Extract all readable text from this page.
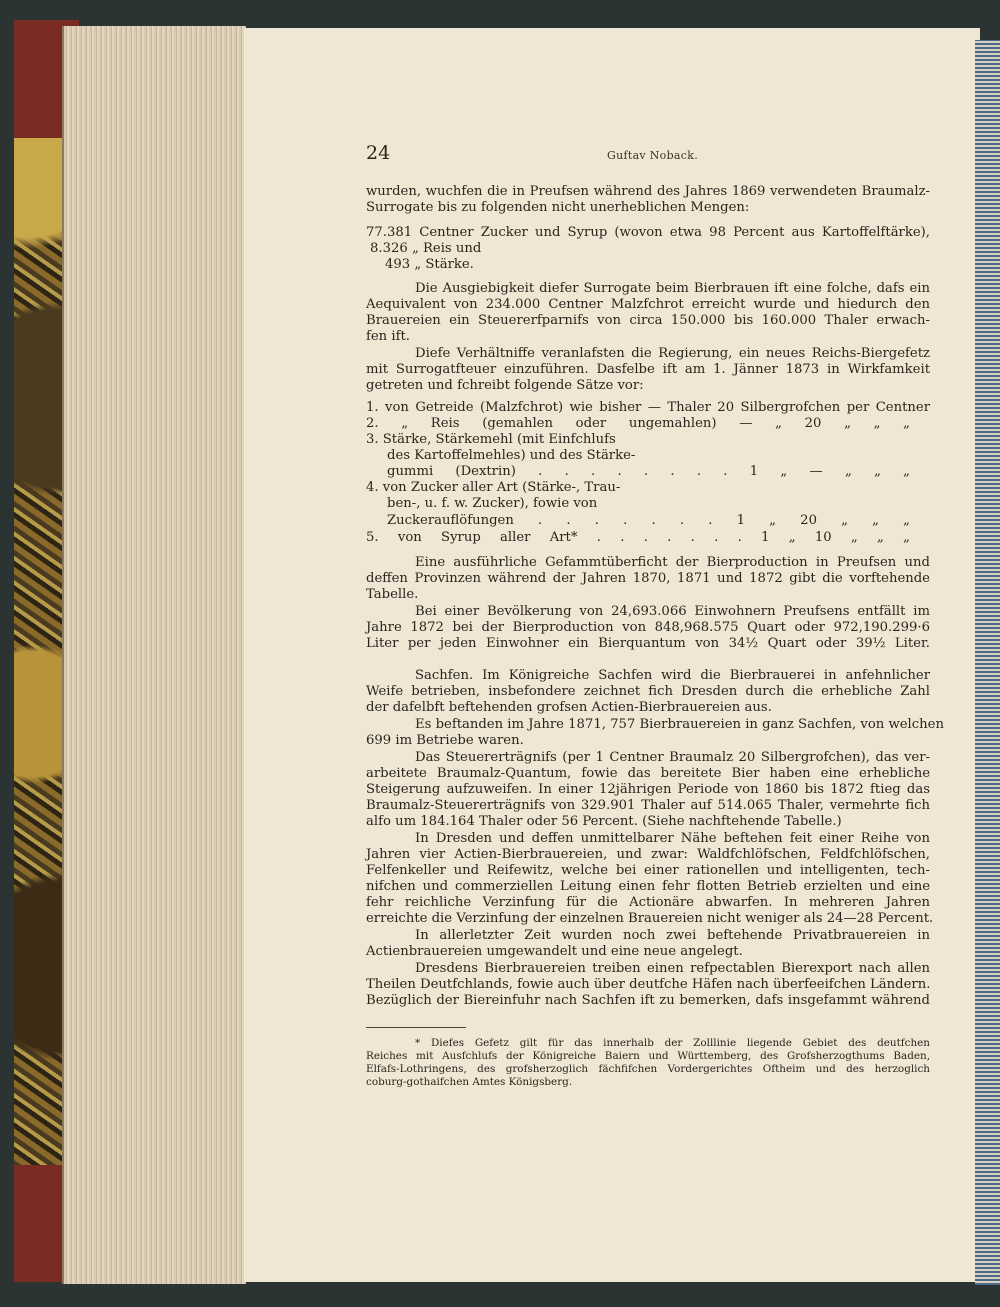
24	Guftav Noback.
wurden, wuchfen die in Preufsen während des Jahres 1869 verwendeten Braumalz-
Surrogate bis zu folgenden nicht unerheblichen Mengen:
77.381 Centner Zucker und Syrup (wovon etwa 98 Percent aus Kartoffelftärke),
8.326 „ Reis und
493 „ Stärke.
Die Ausgiebigkeit diefer Surrogate beim Bierbrauen ift eine folche, dafs ein
Aequivalent von 234.000 Centner Malzfchrot erreicht wurde und hiedurch den
Brauereien ein Steuererfparnifs von circa 150.000 bis 160.000 Thaler erwach-
fen ift.
Diefe Verhältniffe veranlafsten die Regierung, ein neues Reichs-Biergefetz
mit Surrogatfteuer einzuführen. Dasfelbe ift am 1. Jänner 1873 in Wirkfamkeit
getreten und fchreibt folgende Sätze vor:
1. von Getreide (Malzfchrot) wie bisher — Thaler 20 Silbergrofchen per Centner
2. „ Reis (gemahlen oder ungemahlen) — „ 20 „ „ „
3. Stärke, Stärkemehl (mit Einfchlufs
des Kartoffelmehles) und des Stärke-
gummi (Dextrin) . . . . . . . . 1 „ — „ „ „
4. von Zucker aller Art (Stärke-, Trau-
ben-, u. f. w. Zucker), fowie von
Zuckerauflöfungen . . . . . . . 1 „ 20 „ „ „
5. von Syrup aller Art* . . . . . . . 1 „ 10 „ „ „
Eine ausführliche Gefammtüberficht der Bierproduction in Preufsen und
deffen Provinzen während der Jahren 1870, 1871 und 1872 gibt die vorftehende
Tabelle.
Bei einer Bevölkerung von 24,693.066 Einwohnern Preufsens entfällt im
Jahre 1872 bei der Bierproduction von 848,968.575 Quart oder 972,190.299·6
Liter per jeden Einwohner ein Bierquantum von 34½ Quart oder 39½ Liter.
Sachfen. Im Königreiche Sachfen wird die Bierbrauerei in anfehnlicher
Weife betrieben, insbefondere zeichnet fich Dresden durch die erhebliche Zahl
der dafelbft beftehenden grofsen Actien-Bierbrauereien aus.
Es beftanden im Jahre 1871, 757 Bierbrauereien in ganz Sachfen, von welchen
699 im Betriebe waren.
Das Steuererträgnifs (per 1 Centner Braumalz 20 Silbergrofchen), das ver-
arbeitete Braumalz-Quantum, fowie das bereitete Bier haben eine erhebliche
Steigerung aufzuweifen. In einer 12jährigen Periode von 1860 bis 1872 ftieg das
Braumalz-Steuererträgnifs von 329.901 Thaler auf 514.065 Thaler, vermehrte fich
alfo um 184.164 Thaler oder 56 Percent. (Siehe nachftehende Tabelle.)
In Dresden und deffen unmittelbarer Nähe beftehen feit einer Reihe von
Jahren vier Actien-Bierbrauereien, und zwar: Waldfchlöfschen, Feldfchlöfschen,
Felfenkeller und Reifewitz, welche bei einer rationellen und intelligenten, tech-
nifchen und commerziellen Leitung einen fehr flotten Betrieb erzielten und eine
fehr reichliche Verzinfung für die Actionäre abwarfen. In mehreren Jahren
erreichte die Verzinfung der einzelnen Brauereien nicht weniger als 24—28 Percent.
In allerletzter Zeit wurden noch zwei beftehende Privatbrauereien in
Actienbrauereien umgewandelt und eine neue angelegt.
Dresdens Bierbrauereien treiben einen refpectablen Bierexport nach allen
Theilen Deutfchlands, fowie auch über deutfche Häfen nach überfeeifchen Ländern.
Bezüglich der Biereinfuhr nach Sachfen ift zu bemerken, dafs insgefammt während
* Diefes Gefetz gilt für das innerhalb der Zolllinie liegende Gebiet des deutfchen
Reiches mit Ausfchlufs der Königreiche Baiern und Württemberg, des Grofsherzogthums Baden,
Elfafs-Lothringens, des grofsherzoglich fächfifchen Vordergerichtes Oftheim und des herzoglich
coburg-gothaifchen Amtes Königsberg.
